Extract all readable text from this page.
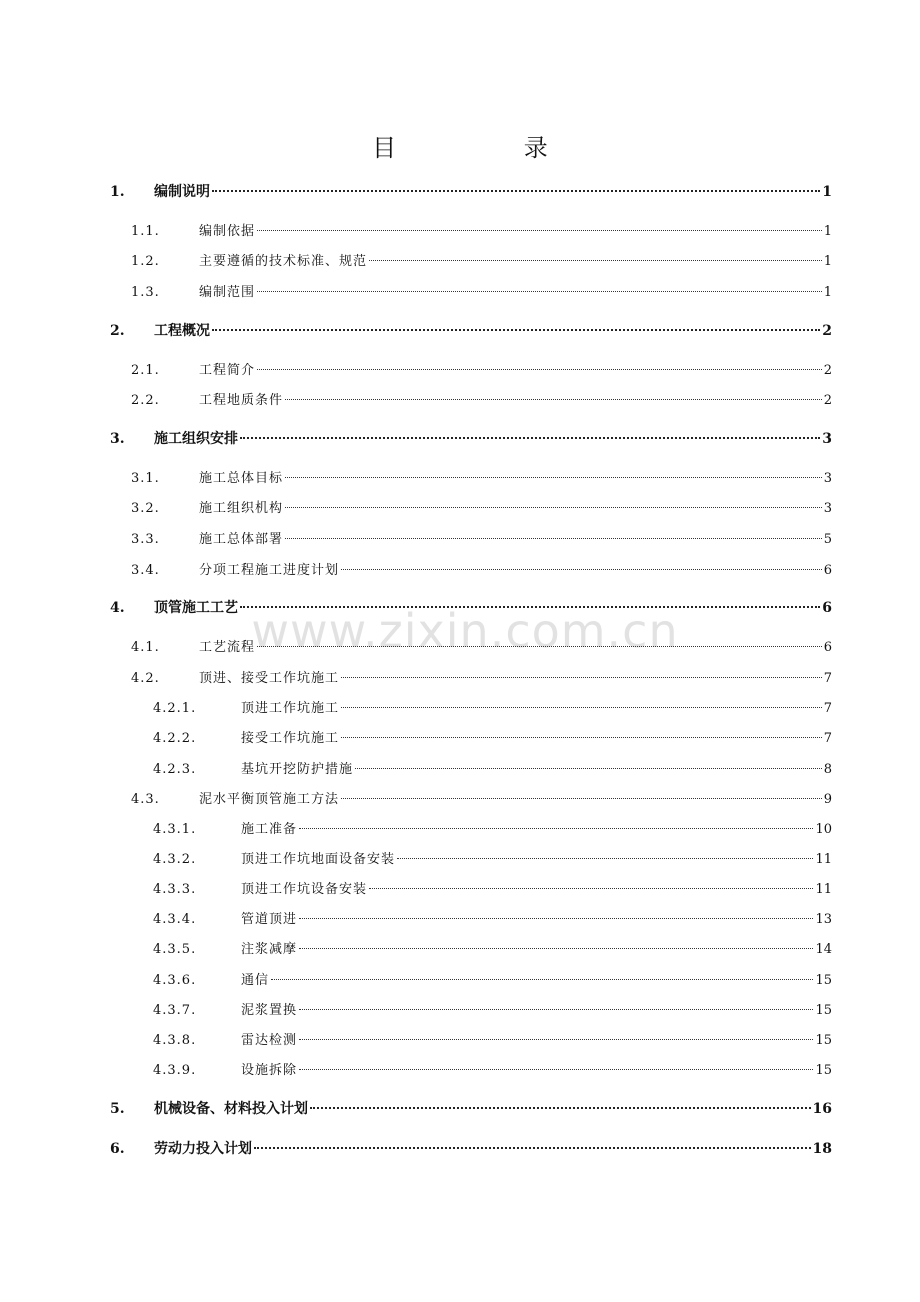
目 录
www.zixin.com.cn
1.	编制说明	1
1.1.	编制依据	1
1.2.	主要遵循的技术标准、规范	1
1.3.	编制范围	1
2.	工程概况	2
2.1.	工程简介	2
2.2.	工程地质条件	2
3.	施工组织安排	3
3.1.	施工总体目标	3
3.2.	施工组织机构	3
3.3.	施工总体部署	5
3.4.	分项工程施工进度计划	6
4.	顶管施工工艺	6
4.1.	工艺流程	6
4.2.	顶进、接受工作坑施工	7
4.2.1.	顶进工作坑施工	7
4.2.2.	接受工作坑施工	7
4.2.3.	基坑开挖防护措施	8
4.3.	泥水平衡顶管施工方法	9
4.3.1.	施工准备	10
4.3.2.	顶进工作坑地面设备安装	11
4.3.3.	顶进工作坑设备安装	11
4.3.4.	管道顶进	13
4.3.5.	注浆减摩	14
4.3.6.	通信	15
4.3.7.	泥浆置换	15
4.3.8.	雷达检测	15
4.3.9.	设施拆除	15
5.	机械设备、材料投入计划	16
6.	劳动力投入计划	18
